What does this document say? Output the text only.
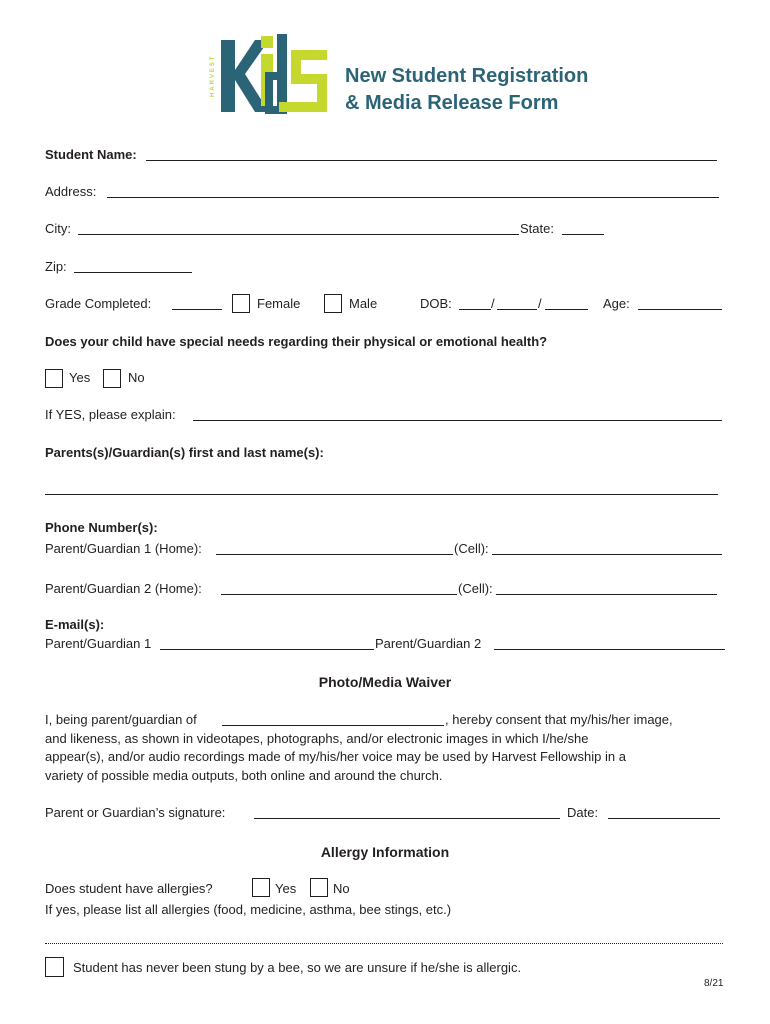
HARVEST	New Student Registration
& Media Release Form
Student Name:
Address:
City:	State:
Zip:
Grade Completed:	Female	Male	DOB:	/	/	Age:
Does your child have special needs regarding their physical or emotional health?
Yes	No
If YES, please explain:
Parents(s)/Guardian(s) first and last name(s):
Phone Number(s):
Parent/Guardian 1 (Home):	(Cell):
Parent/Guardian 2 (Home):	(Cell):
E-mail(s):
Parent/Guardian 1	Parent/Guardian 2
Photo/Media Waiver
I, being parent/guardian of	, hereby consent that my/his/her image,
and likeness, as shown in videotapes, photographs, and/or electronic images in which I/he/she
appear(s), and/or audio recordings made of my/his/her voice may be used by Harvest Fellowship in a
variety of possible media outputs, both online and around the church.
Parent or Guardian’s signature:	Date:
Allergy Information
Does student have allergies?	Yes	No
If yes, please list all allergies (food, medicine, asthma, bee stings, etc.)
Student has never been stung by a bee, so we are unsure if he/she is allergic.
8/21
